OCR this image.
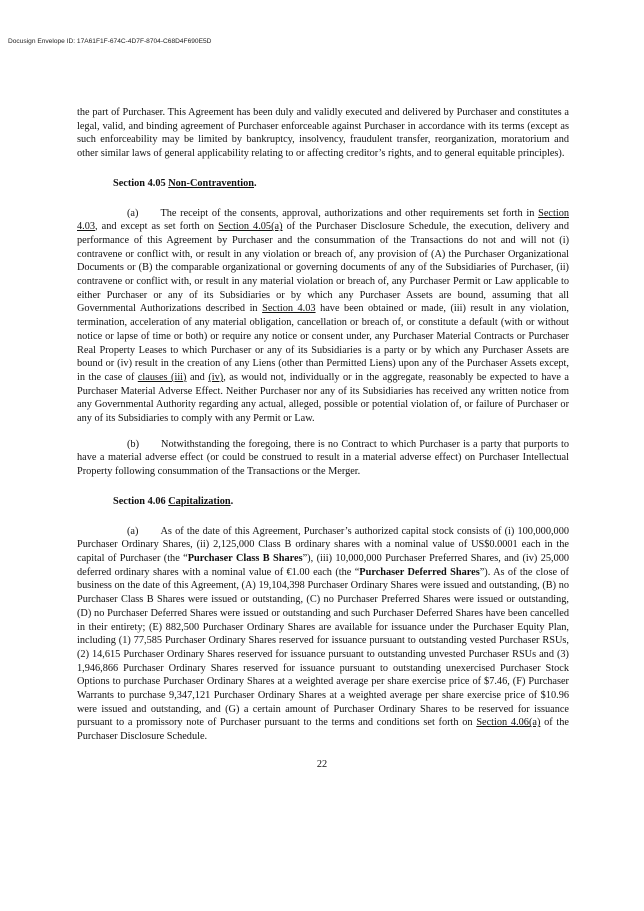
Docusign Envelope ID: 17A61F1F-674C-4D7F-8704-C68D4F690E5D

the part of Purchaser. This Agreement has been duly and validly executed and delivered by Purchaser and constitutes a legal, valid, and binding agreement of Purchaser enforceable against Purchaser in accordance with its terms (except as such enforceability may be limited by bankruptcy, insolvency, fraudulent transfer, reorganization, moratorium and other similar laws of general applicability relating to or affecting creditor’s rights, and to general equitable principles).

Section 4.05 Non-Contravention.

(a) The receipt of the consents, approval, authorizations and other requirements set forth in Section 4.03, and except as set forth on Section 4.05(a) of the Purchaser Disclosure Schedule, the execution, delivery and performance of this Agreement by Purchaser and the consummation of the Transactions do not and will not (i) contravene or conflict with, or result in any violation or breach of, any provision of (A) the Purchaser Organizational Documents or (B) the comparable organizational or governing documents of any of the Subsidiaries of Purchaser, (ii) contravene or conflict with, or result in any material violation or breach of, any Purchaser Permit or Law applicable to either Purchaser or any of its Subsidiaries or by which any Purchaser Assets are bound, assuming that all Governmental Authorizations described in Section 4.03 have been obtained or made, (iii) result in any violation, termination, acceleration of any material obligation, cancellation or breach of, or constitute a default (with or without notice or lapse of time or both) or require any notice or consent under, any Purchaser Material Contracts or Purchaser Real Property Leases to which Purchaser or any of its Subsidiaries is a party or by which any Purchaser Assets are bound or (iv) result in the creation of any Liens (other than Permitted Liens) upon any of the Purchaser Assets except, in the case of clauses (iii) and (iv), as would not, individually or in the aggregate, reasonably be expected to have a Purchaser Material Adverse Effect. Neither Purchaser nor any of its Subsidiaries has received any written notice from any Governmental Authority regarding any actual, alleged, possible or potential violation of, or failure of Purchaser or any of its Subsidiaries to comply with any Permit or Law.

(b) Notwithstanding the foregoing, there is no Contract to which Purchaser is a party that purports to have a material adverse effect (or could be construed to result in a material adverse effect) on Purchaser Intellectual Property following consummation of the Transactions or the Merger.

Section 4.06 Capitalization.

(a) As of the date of this Agreement, Purchaser’s authorized capital stock consists of (i) 100,000,000 Purchaser Ordinary Shares, (ii) 2,125,000 Class B ordinary shares with a nominal value of US$0.0001 each in the capital of Purchaser (the “Purchaser Class B Shares”), (iii) 10,000,000 Purchaser Preferred Shares, and (iv) 25,000 deferred ordinary shares with a nominal value of €1.00 each (the “Purchaser Deferred Shares”). As of the close of business on the date of this Agreement, (A) 19,104,398 Purchaser Ordinary Shares were issued and outstanding, (B) no Purchaser Class B Shares were issued or outstanding, (C) no Purchaser Preferred Shares were issued or outstanding, (D) no Purchaser Deferred Shares were issued or outstanding and such Purchaser Deferred Shares have been cancelled in their entirety; (E) 882,500 Purchaser Ordinary Shares are available for issuance under the Purchaser Equity Plan, including (1) 77,585 Purchaser Ordinary Shares reserved for issuance pursuant to outstanding vested Purchaser RSUs, (2) 14,615 Purchaser Ordinary Shares reserved for issuance pursuant to outstanding unvested Purchaser RSUs and (3) 1,946,866 Purchaser Ordinary Shares reserved for issuance pursuant to outstanding unexercised Purchaser Stock Options to purchase Purchaser Ordinary Shares at a weighted average per share exercise price of $7.46, (F) Purchaser Warrants to purchase 9,347,121 Purchaser Ordinary Shares at a weighted average per share exercise price of $10.96 were issued and outstanding, and (G) a certain amount of Purchaser Ordinary Shares to be reserved for issuance pursuant to a promissory note of Purchaser pursuant to the terms and conditions set forth on Section 4.06(a) of the Purchaser Disclosure Schedule.

22
